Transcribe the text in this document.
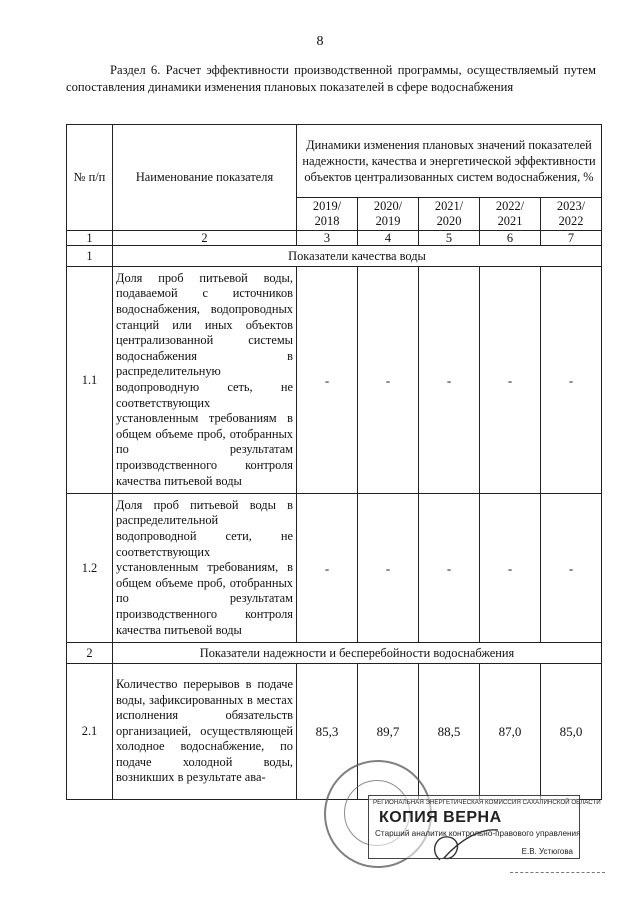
8
Раздел 6. Расчет эффективности производственной программы, осуществляемый путем сопоставления динамики изменения плановых показателей в сфере водоснабжения
№ п/п	Наименование показателя	Динамики изменения плановых значений показателей надежности, качества и энергетической эффективности объектов централизованных систем водоснабжения, %				
		2019/ 2018	2020/ 2019	2021/ 2020	2022/ 2021	2023/ 2022
1	2	3	4	5	6	7
1	Показатели качества воды					
1.1	Доля проб питьевой воды, подаваемой с источников водоснабжения, водопроводных станций или иных объектов централизованной системы водоснабжения в распределительную водопроводную сеть, не соответствующих установленным требованиям в общем объеме проб, отобранных по результатам производственного контроля качества питьевой воды	-	-	-	-	-
1.2	Доля проб питьевой воды в распределительной водопроводной сети, не соответствующих установленным требованиям, в общем объеме проб, отобранных по результатам производственного контроля качества питьевой воды	-	-	-	-	-
2	Показатели надежности и бесперебойности водоснабжения					
2.1	Количество перерывов в подаче воды, зафиксированных в местах исполнения обязательств организацией, осуществляющей холодное водоснабжение, по подаче холодной воды, возникших в результате ава-	85,3	89,7	88,5	87,0	85,0
РЕГИОНАЛЬНАЯ ЭНЕРГЕТИЧЕСКАЯ КОМИССИЯ САХАЛИНСКОЙ ОБЛАСТИ
КОПИЯ ВЕРНА
Старший аналитик контрольно-правового управления
Е.В. Устюгова
